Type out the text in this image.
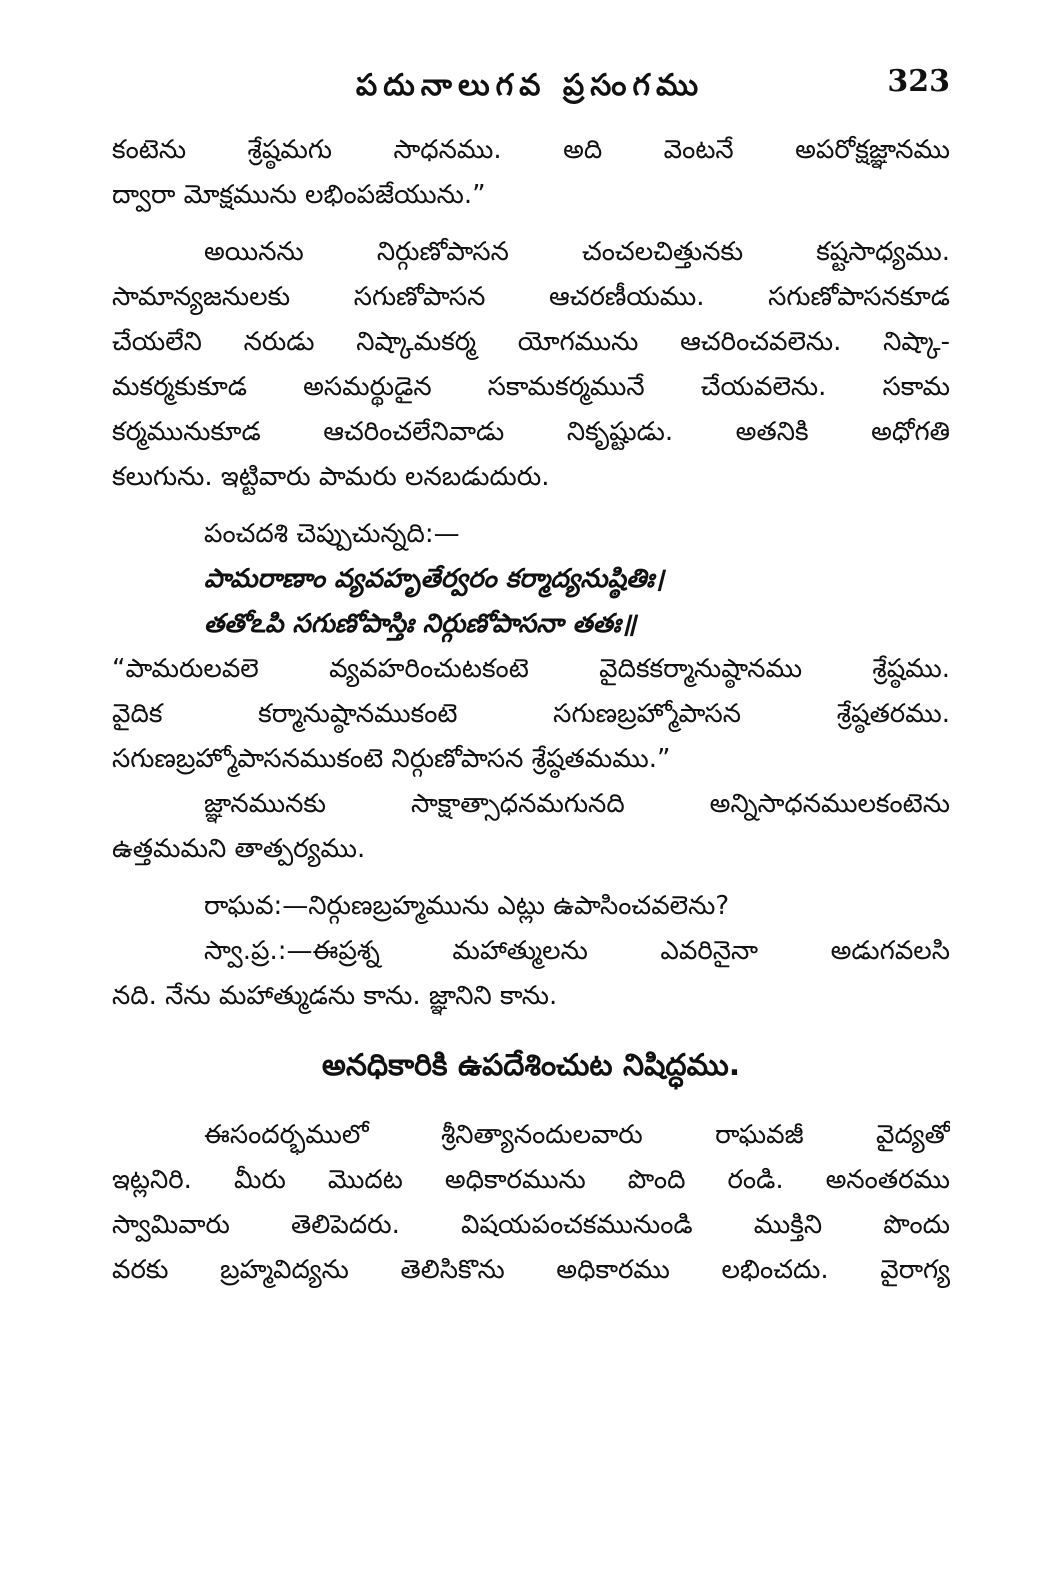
పదునాలుగవ ప్రసంగము	323
కంటెను శ్రేష్ఠమగు సాధనము. అది వెంటనే అపరోక్షజ్ఞానము
ద్వారా మోక్షమును లభింపజేయును.”
అయినను నిర్గుణోపాసన చంచలచిత్తునకు కష్టసాధ్యము.
సామాన్యజనులకు సగుణోపాసన ఆచరణీయము. సగుణోపాసనకూడ
చేయలేని నరుడు నిష్కామకర్మ యోగమును ఆచరించవలెను. నిష్కా-
మకర్మకుకూడ అసమర్థుడైన సకామకర్మమునే చేయవలెను. సకామ
కర్మమునుకూడ ఆచరించలేనివాడు నికృష్టుడు. అతనికి అధోగతి
కలుగును. ఇట్టివారు పామరు లనబడుదురు.
పంచదశి చెప్పుచున్నది:—
పామరాణాం వ్యవహృతేర్వరం కర్మాద్యనుష్ఠితిః।
తతోఽపి సగుణోపాస్తిః నిర్గుణోపాసనా తతః॥
“పామరులవలె వ్యవహరించుటకంటె వైదికకర్మానుష్ఠానము శ్రేష్ఠము.
వైదిక కర్మానుష్ఠానముకంటె సగుణబ్రహ్మోపాసన శ్రేష్ఠతరము.
సగుణబ్రహ్మోపాసనముకంటె నిర్గుణోపాసన శ్రేష్ఠతమము.”
జ్ఞానమునకు సాక్షాత్సాధనమగునది అన్నిసాధనములకంటెను
ఉత్తమమని తాత్పర్యము.
రాఘవ:—నిర్గుణబ్రహ్మమును ఎట్లు ఉపాసించవలెను?
స్వా.ప్ర.:—ఈప్రశ్న మహాత్ములను ఎవరినైనా అడుగవలసి
నది. నేను మహాత్ముడను కాను. జ్ఞానిని కాను.
అనధికారికి ఉపదేశించుట నిషిద్ధము.
ఈసందర్భములో శ్రీనిత్యానందులవారు రాఘవజీ వైద్యతో
ఇట్లనిరి. మీరు మొదట అధికారమును పొంది రండి. అనంతరము
స్వామివారు తెలిపెదరు. విషయపంచకమునుండి ముక్తిని పొందు
వరకు బ్రహ్మవిద్యను తెలిసికొను అధికారము లభించదు. వైరాగ్య
